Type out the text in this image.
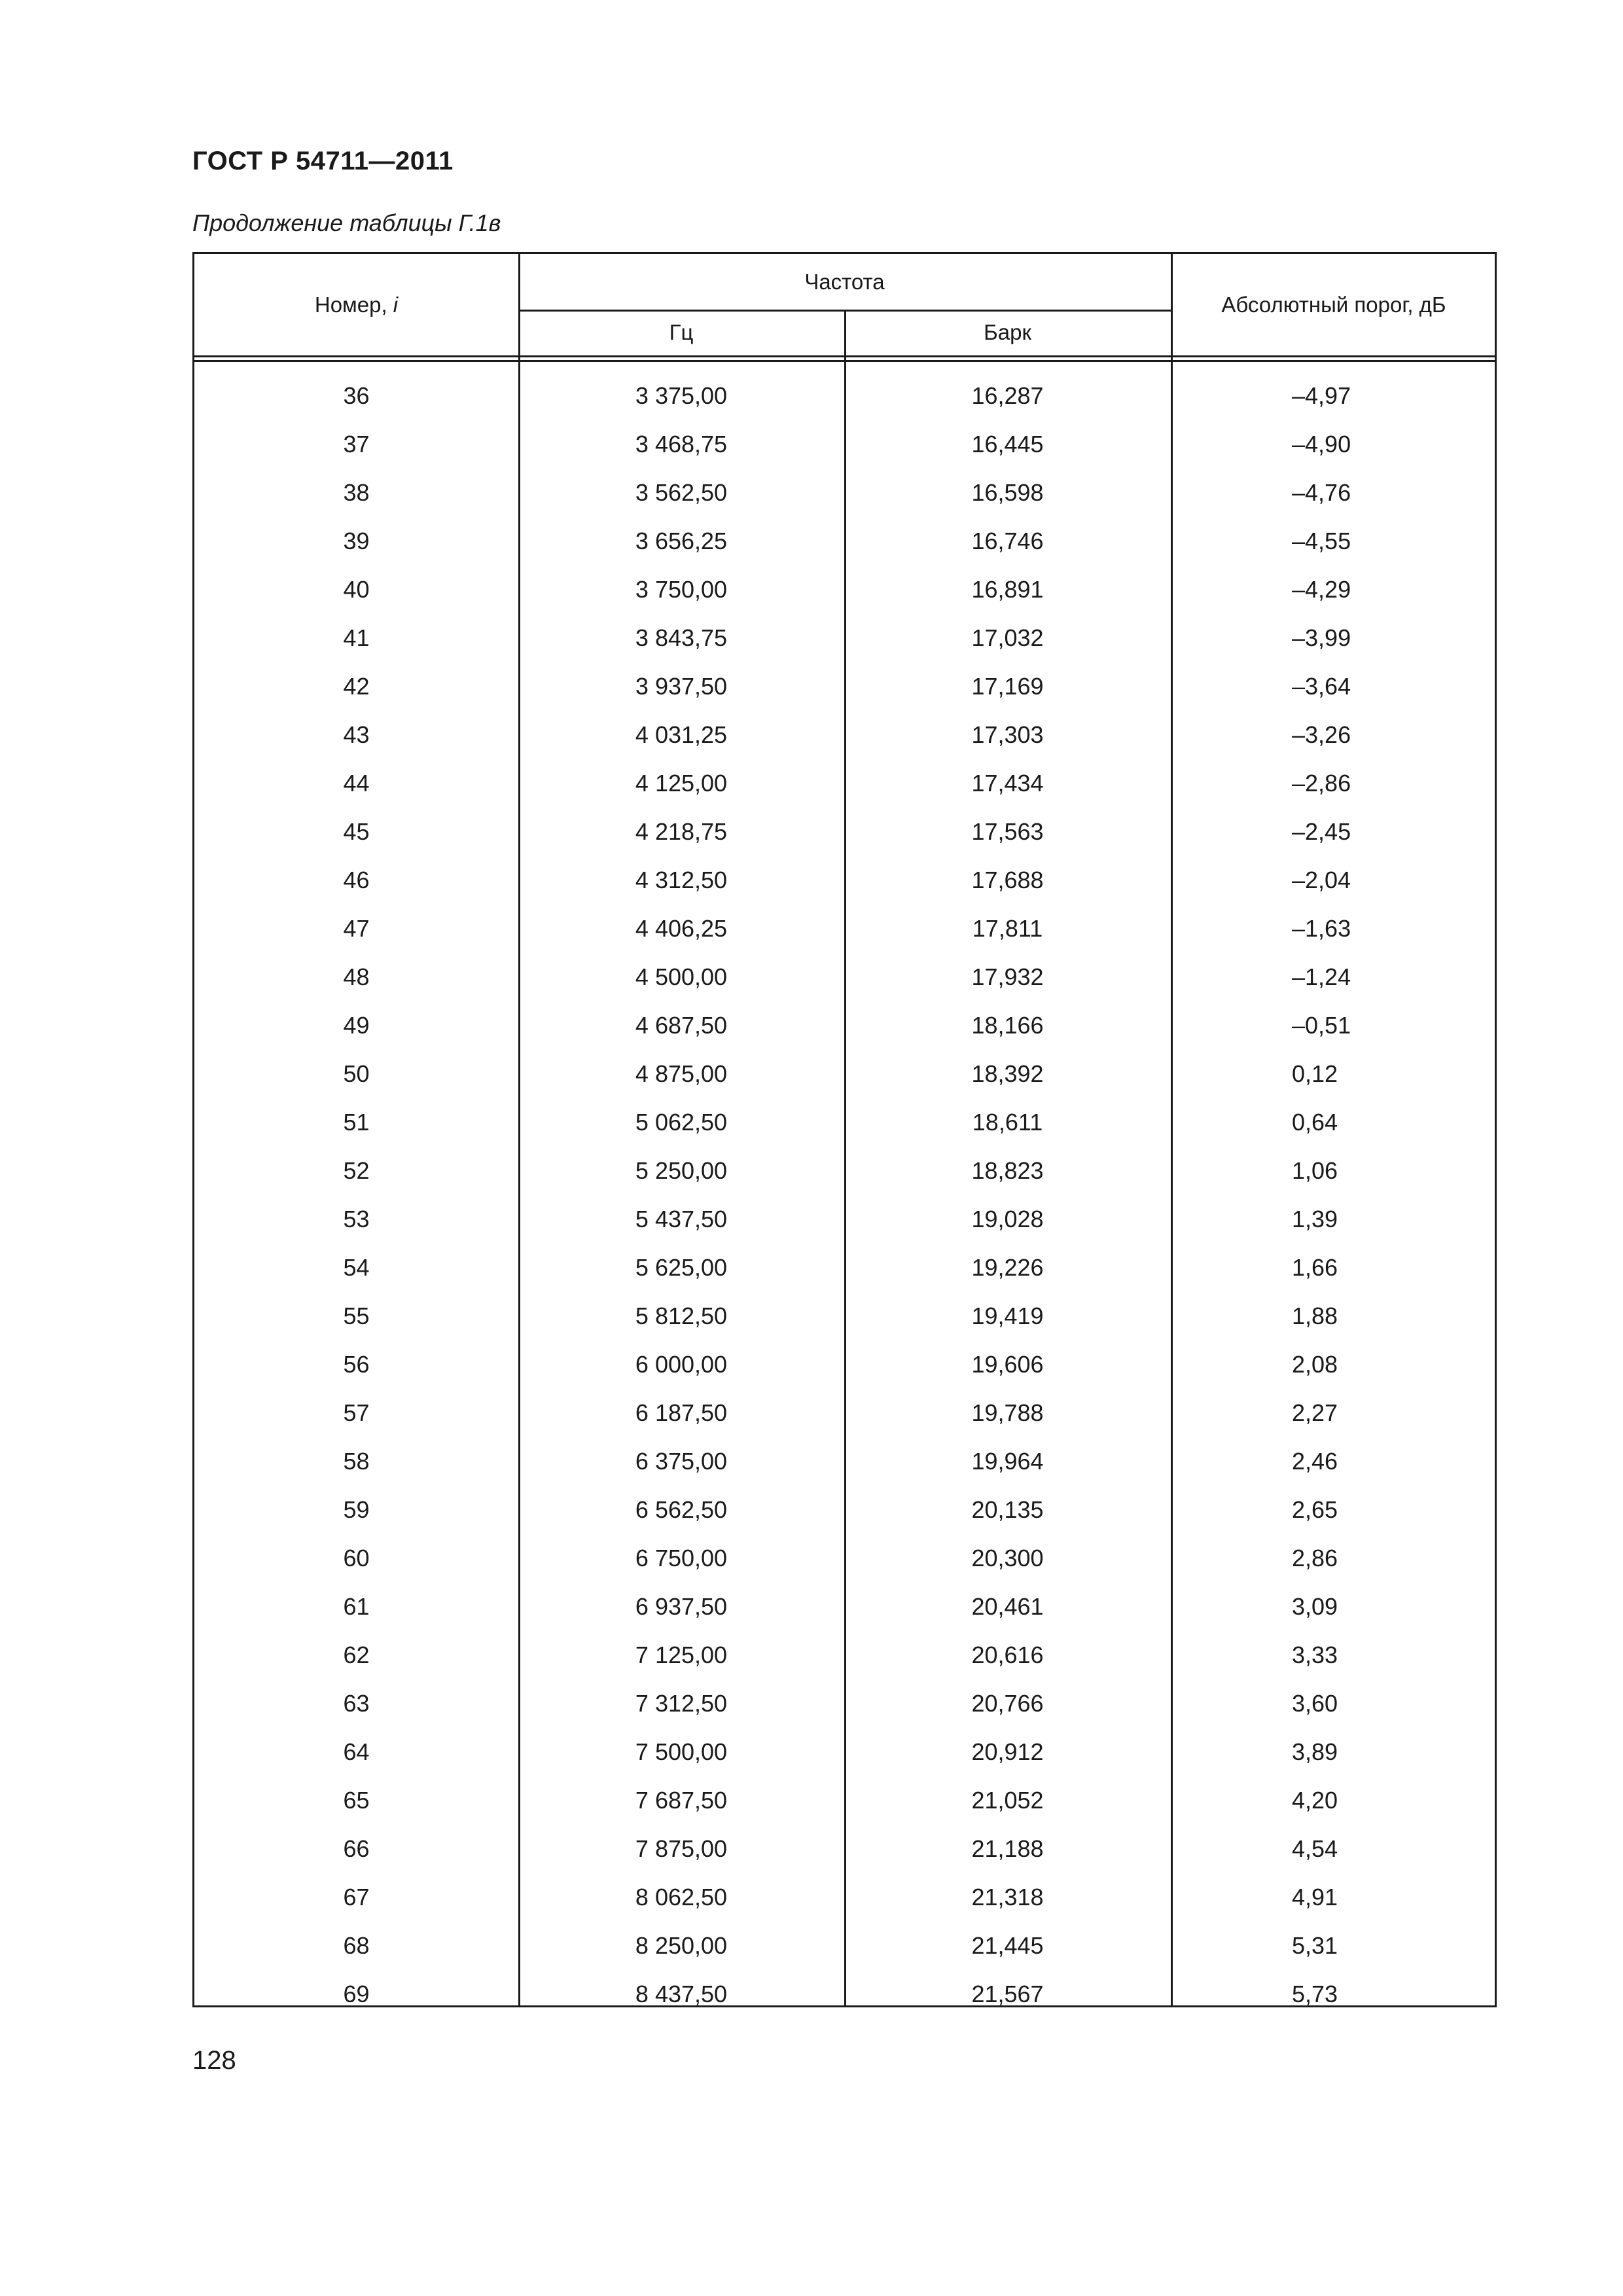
ГОСТ Р 54711—2011
Продолжение таблицы Г.1в
Номер, i
Частота
Гц	Барк
Абсолютный порог, дБ
36	3 375,00	16,287	–4,97
37	3 468,75	16,445	–4,90
38	3 562,50	16,598	–4,76
39	3 656,25	16,746	–4,55
40	3 750,00	16,891	–4,29
41	3 843,75	17,032	–3,99
42	3 937,50	17,169	–3,64
43	4 031,25	17,303	–3,26
44	4 125,00	17,434	–2,86
45	4 218,75	17,563	–2,45
46	4 312,50	17,688	–2,04
47	4 406,25	17,811	–1,63
48	4 500,00	17,932	–1,24
49	4 687,50	18,166	–0,51
50	4 875,00	18,392	0,12
51	5 062,50	18,611	0,64
52	5 250,00	18,823	1,06
53	5 437,50	19,028	1,39
54	5 625,00	19,226	1,66
55	5 812,50	19,419	1,88
56	6 000,00	19,606	2,08
57	6 187,50	19,788	2,27
58	6 375,00	19,964	2,46
59	6 562,50	20,135	2,65
60	6 750,00	20,300	2,86
61	6 937,50	20,461	3,09
62	7 125,00	20,616	3,33
63	7 312,50	20,766	3,60
64	7 500,00	20,912	3,89
65	7 687,50	21,052	4,20
66	7 875,00	21,188	4,54
67	8 062,50	21,318	4,91
68	8 250,00	21,445	5,31
69	8 437,50	21,567	5,73
128
